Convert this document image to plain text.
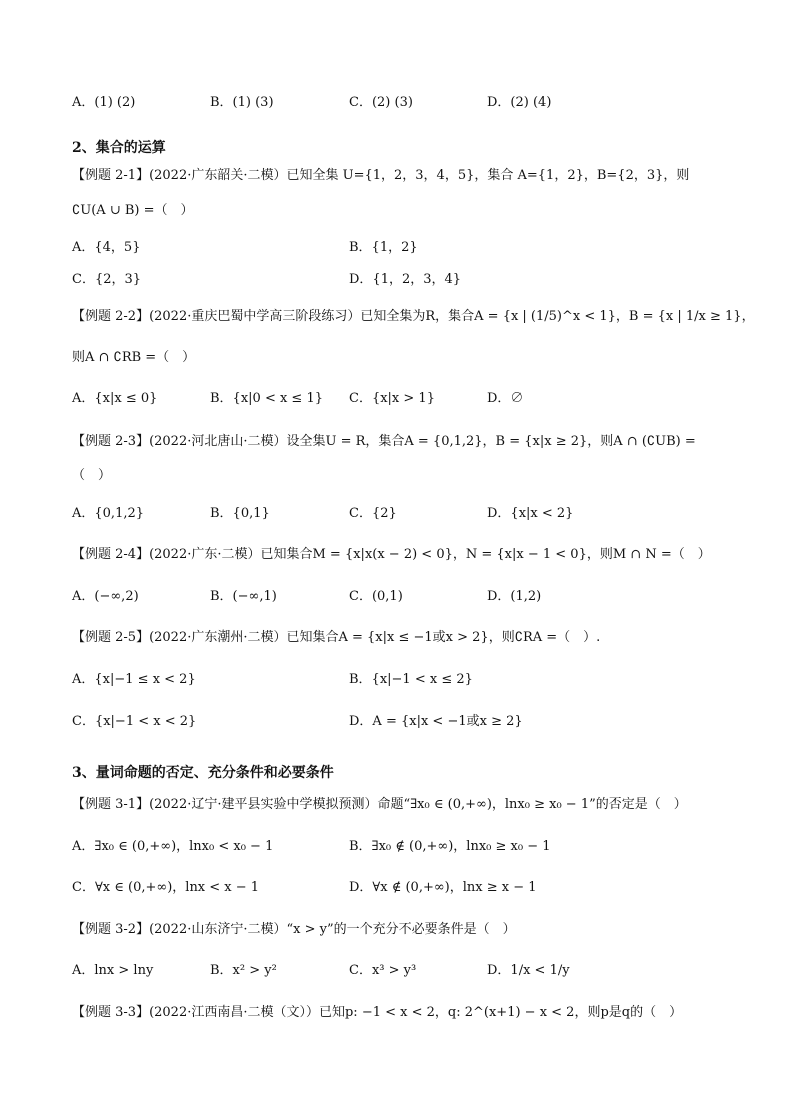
A．(1) (2)	B．(1) (3)	C．(2) (3)	D．(2) (4)
2、集合的运算
【例题 2-1】(2022·广东韶关·二模）已知全集 U={1，2，3，4，5}，集合 A={1，2}，B={2，3}，则
∁U(A ∪ B) =（　）
A．{4，5}	B．{1，2}
C．{2，3}	D．{1，2，3，4}
【例题 2-2】(2022·重庆巴蜀中学高三阶段练习）已知全集为R，集合A = {x | (1/5)^x < 1}，B = {x | 1/x ≥ 1}，
则A ∩ ∁RB =（　）
A．{x|x ≤ 0}	B．{x|0 < x ≤ 1} C．{x|x > 1}	D．∅
【例题 2-3】(2022·河北唐山·二模）设全集U = R，集合A = {0,1,2}，B = {x|x ≥ 2}，则A ∩ (∁UB) =
（　）
A．{0,1,2}	B．{0,1}	C．{2}	D．{x|x < 2}
【例题 2-4】(2022·广东·二模）已知集合M = {x|x(x − 2) < 0}，N = {x|x − 1 < 0}，则M ∩ N =（　）
A．(−∞,2)	B．(−∞,1)	C．(0,1)	D．(1,2)
【例题 2-5】(2022·广东潮州·二模）已知集合A = {x|x ≤ −1或x > 2}，则∁RA =（　）.
A．{x|−1 ≤ x < 2}	B．{x|−1 < x ≤ 2}
C．{x|−1 < x < 2}	D．A = {x|x < −1或x ≥ 2}
3、量词命题的否定、充分条件和必要条件
【例题 3-1】(2022·辽宁·建平县实验中学模拟预测）命题“∃x₀ ∈ (0,+∞)，lnx₀ ≥ x₀ − 1”的否定是（　）
A．∃x₀ ∈ (0,+∞)，lnx₀ < x₀ − 1	B．∃x₀ ∉ (0,+∞)，lnx₀ ≥ x₀ − 1
C．∀x ∈ (0,+∞)，lnx < x − 1	D．∀x ∉ (0,+∞)，lnx ≥ x − 1
【例题 3-2】(2022·山东济宁·二模）“x > y”的一个充分不必要条件是（　）
A．lnx > lny	B．x² > y²	C．x³ > y³	D．1/x < 1/y
【例题 3-3】(2022·江西南昌·二模（文））已知p: −1 < x < 2，q: 2^(x+1) − x < 2，则p是q的（　）
